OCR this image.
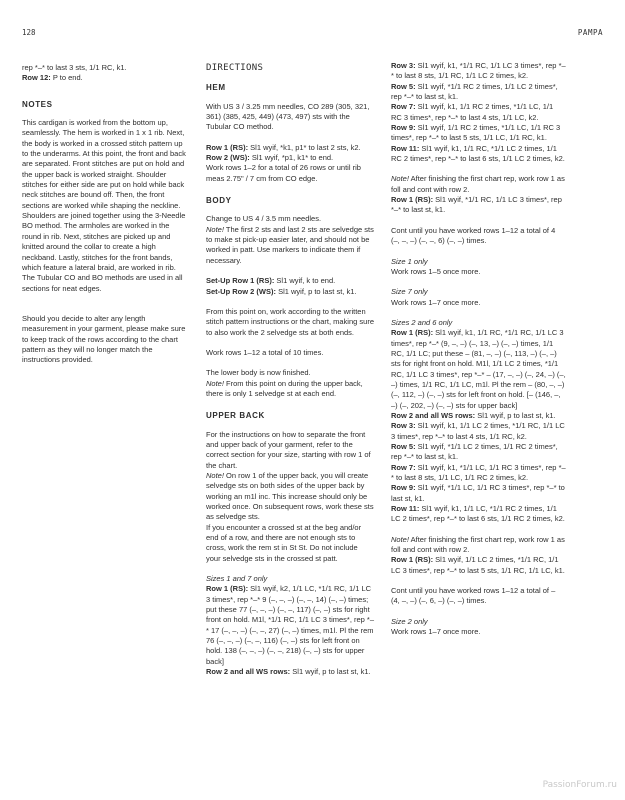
128	PAMPA

rep *–* to last 3 sts, 1/1 RC, k1.

Row 12: P to end.

NOTES

This cardigan is worked from the bottom up, seamlessly. The hem is worked in 1 x 1 rib. Next, the body is worked in a crossed stitch pattern up to the underarms. At this point, the front and back are separated. Front stitches are put on hold and the upper back is worked straight. Shoulder stitches for either side are put on hold while back neck stitches are bound off. Then, the front sections are worked while shaping the neckline. Shoulders are joined together using the 3-Needle BO method. The armholes are worked in the round in rib. Next, stitches are picked up and knitted around the collar to create a high neckband. Lastly, stitches for the front bands, which feature a lateral braid, are worked in rib. The Tubular CO and BO methods are used in all sections for neat edges.

Should you decide to alter any length measurement in your garment, please make sure to keep track of the rows according to the chart pattern as they will no longer match the instructions provided.

DIRECTIONS
HEM

With US 3 / 3.25 mm needles, CO 289 (305, 321, 361) (385, 425, 449) (473, 497) sts with the Tubular CO method.

Row 1 (RS): Sl1 wyif, *k1, p1* to last 2 sts, k2.

Row 2 (WS): Sl1 wyif, *p1, k1* to end.

Work rows 1–2 for a total of 26 rows or until rib meas 2.75" / 7 cm from CO edge.

BODY

Change to US 4 / 3.5 mm needles.

Note! The first 2 sts and last 2 sts are selvedge sts to make st pick-up easier later, and should not be worked in patt. Use markers to indicate them if necessary.

Set-Up Row 1 (RS): Sl1 wyif, k to end.

Set-Up Row 2 (WS): Sl1 wyif, p to last st, k1.

From this point on, work according to the written stitch pattern instructions or the chart, making sure to also work the 2 selvedge sts at both ends.

Work rows 1–12 a total of 10 times.

The lower body is now finished.

Note! From this point on during the upper back, there is only 1 selvedge st at each end.

UPPER BACK

For the instructions on how to separate the front and upper back of your garment, refer to the correct section for your size, starting with row 1 of the chart.

Note! On row 1 of the upper back, you will create selvedge sts on both sides of the upper back by working an m1l inc. This increase should only be worked once. On subsequent rows, work these sts as selvedge sts.

If you encounter a crossed st at the beg and/or end of a row, and there are not enough sts to cross, work the rem st in St St. Do not include your selvedge sts in the crossed st patt.

Sizes 1 and 7 only

Row 1 (RS): Sl1 wyif, k2, 1/1 LC, *1/1 RC, 1/1 LC 3 times*, rep *–* 9 (–, –, –) (–, –, 14) (–, –) times; put these 77 (–, –, –) (–, –, 117) (–, –) sts for right front on hold. M1l, *1/1 RC, 1/1 LC 3 times*, rep *–* 17 (–, –, –) (–, –, 27) (–, –) times, m1l. Pl the rem 76 (–, –, –) (–, –, 116) (–, –) sts for left front on hold. 138 (–, –, –) (–, –, 218) (–, –) sts for upper back]

Row 2 and all WS rows: Sl1 wyif, p to last st, k1.

Row 3: Sl1 wyif, k1, *1/1 RC, 1/1 LC 3 times*, rep *–* to last 8 sts, 1/1 RC, 1/1 LC 2 times, k2.

Row 5: Sl1 wyif, *1/1 RC 2 times, 1/1 LC 2 times*, rep *–* to last st, k1.

Row 7: Sl1 wyif, k1, 1/1 RC 2 times, *1/1 LC, 1/1 RC 3 times*, rep *–* to last 4 sts, 1/1 LC, k2.

Row 9: Sl1 wyif, 1/1 RC 2 times, *1/1 LC, 1/1 RC 3 times*, rep *–* to last 5 sts, 1/1 LC, 1/1 RC, k1.

Row 11: Sl1 wyif, k1, 1/1 RC, *1/1 LC 2 times, 1/1 RC 2 times*, rep *–* to last 6 sts, 1/1 LC 2 times, k2.

Note! After finishing the first chart rep, work row 1 as foll and cont with row 2.

Row 1 (RS): Sl1 wyif, *1/1 RC, 1/1 LC 3 times*, rep *–* to last st, k1.

Cont until you have worked rows 1–12 a total of 4 (–, –, –) (–, –, 6) (–, –) times.

Size 1 only

Work rows 1–5 once more.

Size 7 only

Work rows 1–7 once more.

Sizes 2 and 6 only

Row 1 (RS): Sl1 wyif, k1, 1/1 RC, *1/1 RC, 1/1 LC 3 times*, rep *–* (9, –, –) (–, 13, –) (–, –) times, 1/1 RC, 1/1 LC; put these – (81, –, –) (–, 113, –) (–, –) sts for right front on hold. M1l, 1/1 LC 2 times, *1/1 RC, 1/1 LC 3 times*, rep *–* – (17, –, –) (–, 24, –) (–, –) times, 1/1 RC, 1/1 LC, m1l. Pl the rem – (80, –, –) (–, 112, –) (–, –) sts for left front on hold. [– (146, –, –) (–, 202, –) (–, –) sts for upper back]

Row 2 and all WS rows: Sl1 wyif, p to last st, k1.

Row 3: Sl1 wyif, k1, 1/1 LC 2 times, *1/1 RC, 1/1 LC 3 times*, rep *–* to last 4 sts, 1/1 RC, k2.

Row 5: Sl1 wyif, *1/1 LC 2 times, 1/1 RC 2 times*, rep *–* to last st, k1.

Row 7: Sl1 wyif, k1, *1/1 LC, 1/1 RC 3 times*, rep *–* to last 8 sts, 1/1 LC, 1/1 RC 2 times, k2.

Row 9: Sl1 wyif, *1/1 LC, 1/1 RC 3 times*, rep *–* to last st, k1.

Row 11: Sl1 wyif, k1, 1/1 LC, *1/1 RC 2 times, 1/1 LC 2 times*, rep *–* to last 6 sts, 1/1 RC 2 times, k2.

Note! After finishing the first chart rep, work row 1 as foll and cont with row 2.

Row 1 (RS): Sl1 wyif, 1/1 LC 2 times, *1/1 RC, 1/1 LC 3 times*, rep *–* to last 5 sts, 1/1 RC, 1/1 LC, k1.

Cont until you have worked rows 1–12 a total of – (4, –, –) (–, 6, –) (–, –) times.

Size 2 only

Work rows 1–7 once more.

PassionForum.ru
